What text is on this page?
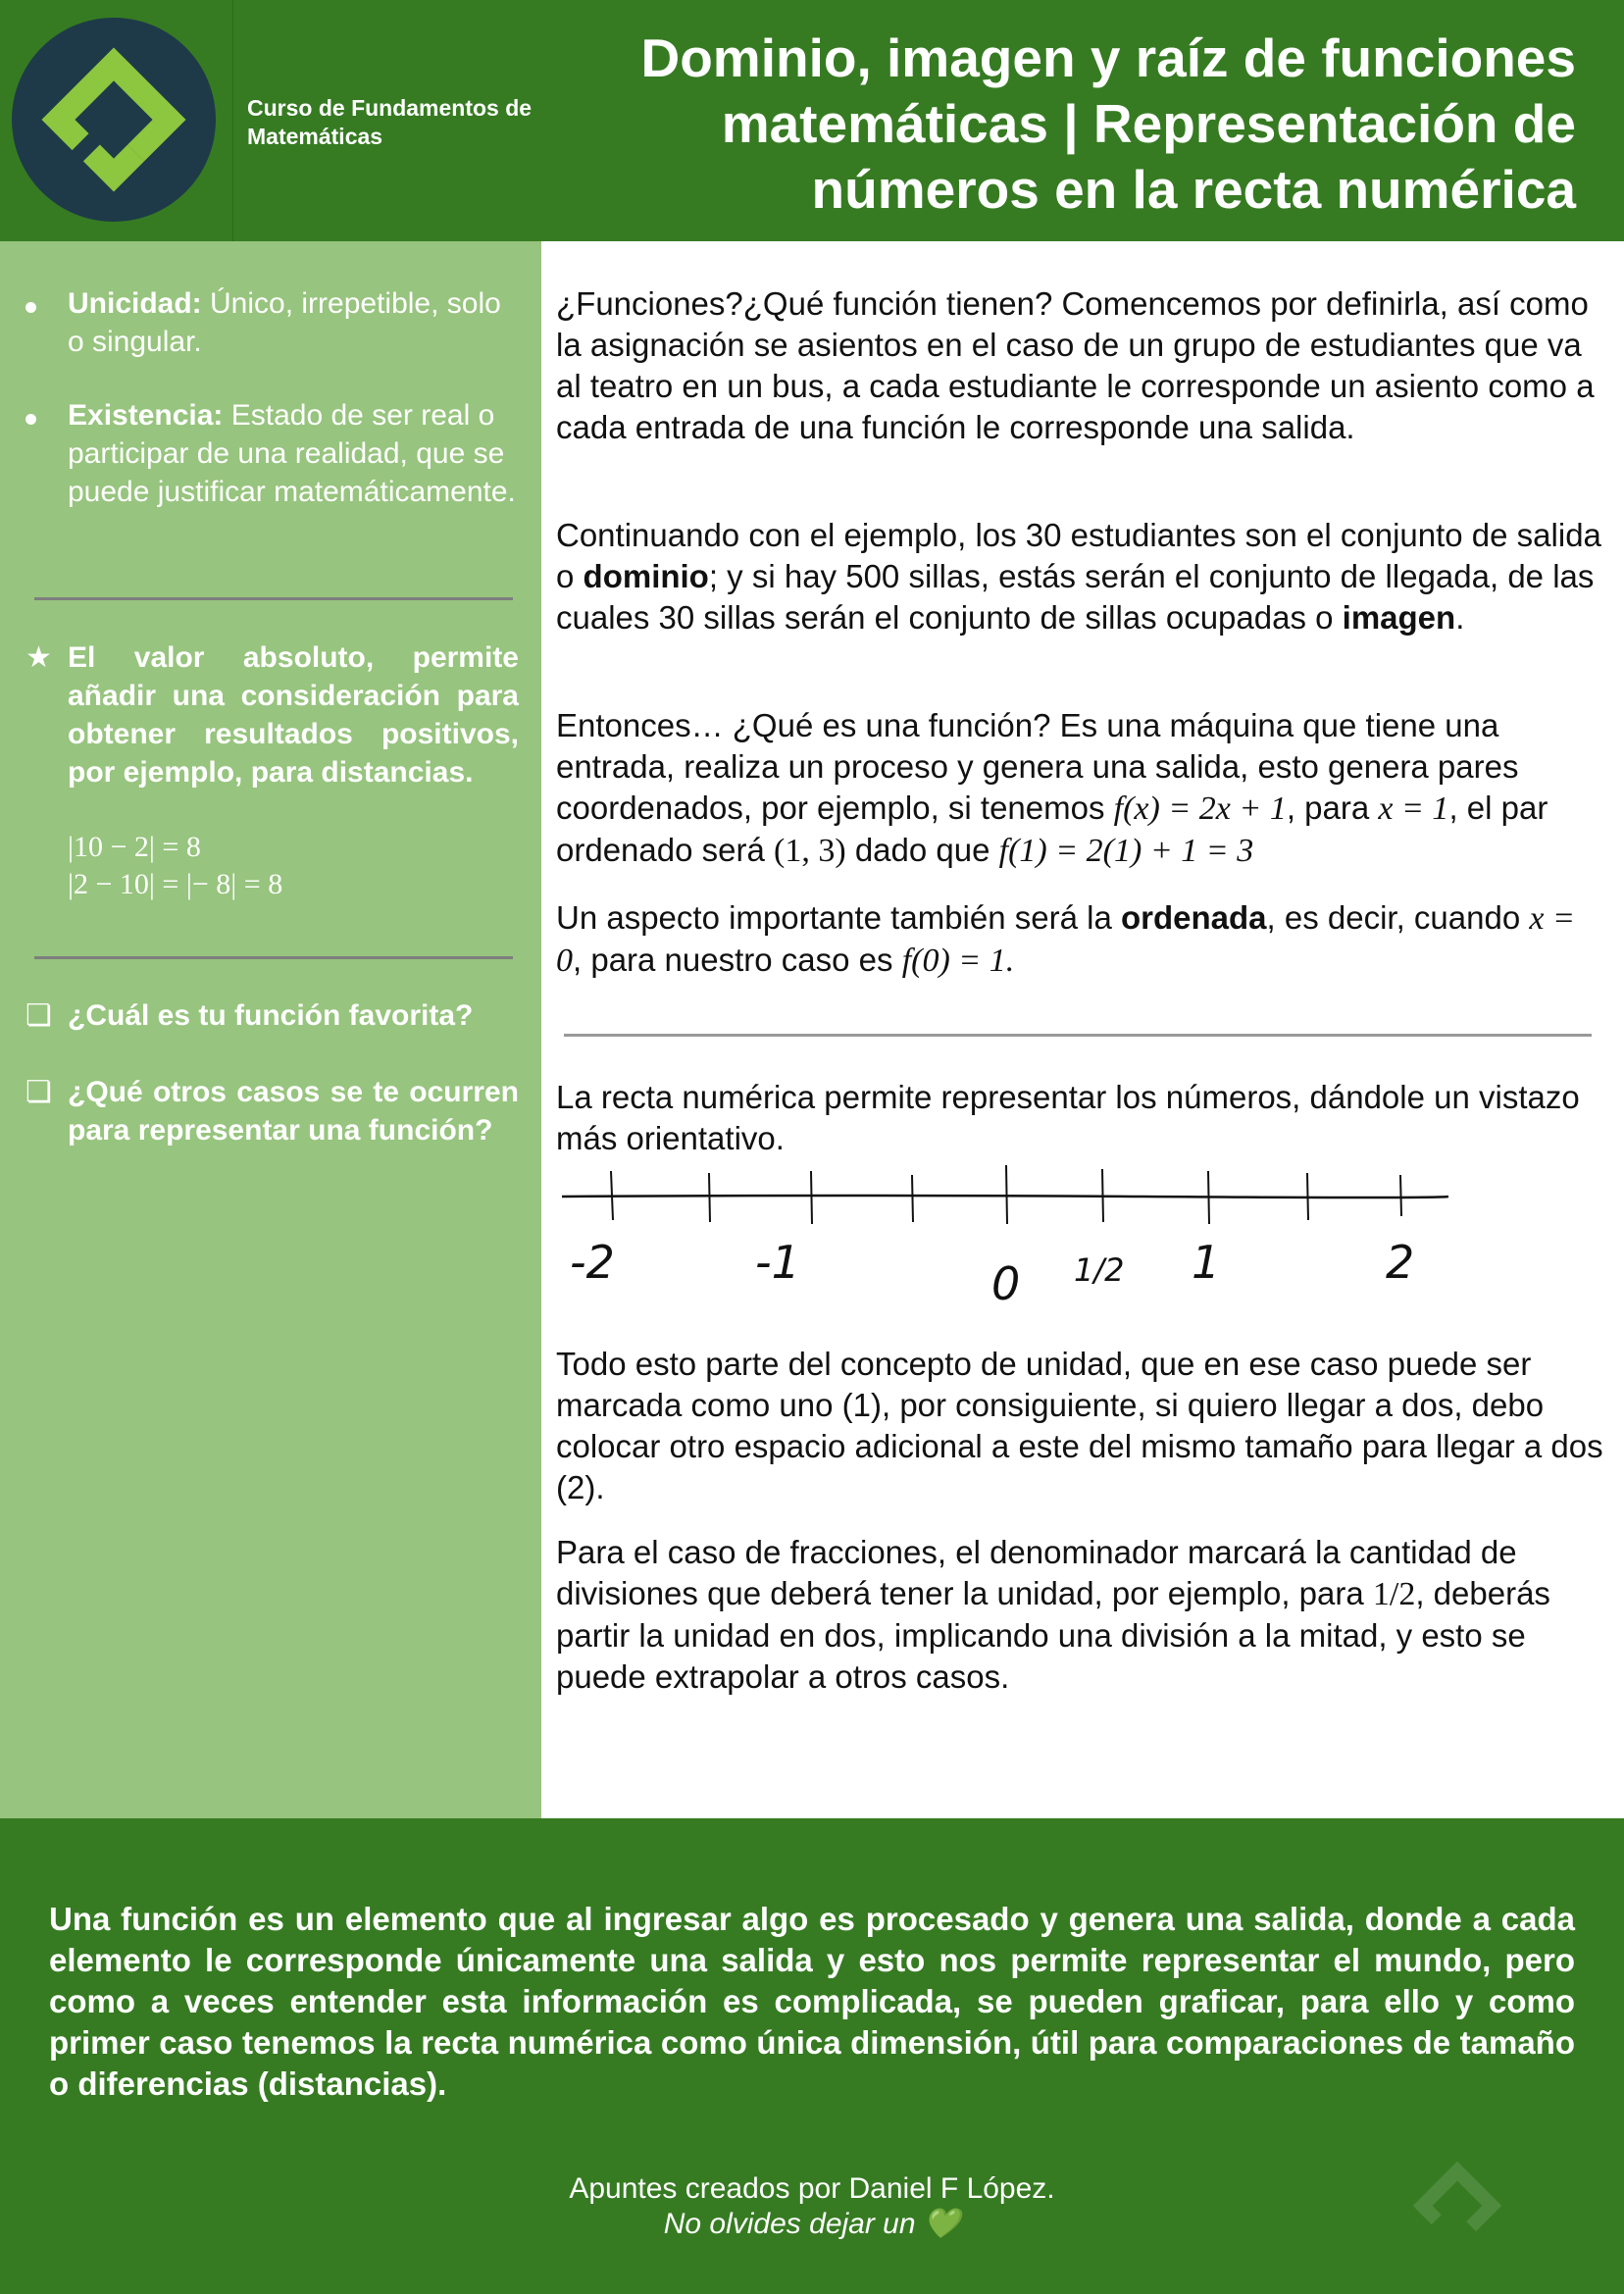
Curso de Fundamentos de Matemáticas
Dominio, imagen y raíz de funciones matemáticas | Representación de números en la recta numérica
Unicidad: Único, irrepetible, solo o singular.
Existencia: Estado de ser real o participar de una realidad, que se puede justificar matemáticamente.
★ El valor absoluto, permite añadir una consideración para obtener resultados positivos, por ejemplo, para distancias.
|10 − 2| = 8
|2 − 10| = |− 8| = 8
❏ ¿Cuál es tu función favorita?
❏ ¿Qué otros casos se te ocurren para representar una función?
¿Funciones?¿Qué función tienen? Comencemos por definirla, así como la asignación se asientos en el caso de un grupo de estudiantes que va al teatro en un bus, a cada estudiante le corresponde un asiento como a cada entrada de una función le corresponde una salida.
Continuando con el ejemplo, los 30 estudiantes son el conjunto de salida o dominio; y si hay 500 sillas, estás serán el conjunto de llegada, de las cuales 30 sillas serán el conjunto de sillas ocupadas o imagen.
Entonces… ¿Qué es una función? Es una máquina que tiene una entrada, realiza un proceso y genera una salida, esto genera pares coordenados, por ejemplo, si tenemos f(x) = 2x + 1, para x = 1, el par ordenado será (1, 3) dado que f(1) = 2(1) + 1 = 3
Un aspecto importante también será la ordenada, es decir, cuando x = 0, para nuestro caso es f(0) = 1.
La recta numérica permite representar los números, dándole un vistazo más orientativo.
-2	-1	0 1/2 1	2
Todo esto parte del concepto de unidad, que en ese caso puede ser marcada como uno (1), por consiguiente, si quiero llegar a dos, debo colocar otro espacio adicional a este del mismo tamaño para llegar a dos (2).
Para el caso de fracciones, el denominador marcará la cantidad de divisiones que deberá tener la unidad, por ejemplo, para 1/2, deberás partir la unidad en dos, implicando una división a la mitad, y esto se puede extrapolar a otros casos.
Una función es un elemento que al ingresar algo es procesado y genera una salida, donde a cada elemento le corresponde únicamente una salida y esto nos permite representar el mundo, pero como a veces entender esta información es complicada, se pueden graficar, para ello y como primer caso tenemos la recta numérica como única dimensión, útil para comparaciones de tamaño o diferencias (distancias).
Apuntes creados por Daniel F López.
No olvides dejar un 💚
